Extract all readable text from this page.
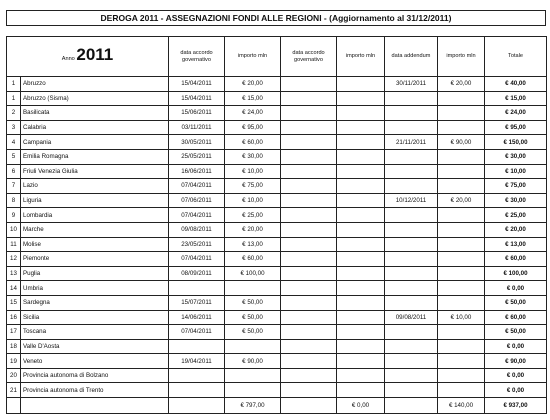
DEROGA 2011 - ASSEGNAZIONI FONDI ALLE REGIONI - (Aggiornamento al 31/12/2011)
Anno 2011		data accordo governativo	importo mln	data accordo governativo	importo mln	data addendum	importo mln	Totale
1	Abruzzo	15/04/2011	€ 20,00			30/11/2011	€ 20,00	€ 40,00
1	Abruzzo (Sisma)	15/04/2011	€ 15,00					€ 15,00
2	Basilicata	15/06/2011	€ 24,00					€ 24,00
3	Calabria	03/11/2011	€ 95,00					€ 95,00
4	Campania	30/05/2011	€ 60,00			21/11/2011	€ 90,00	€ 150,00
5	Emilia Romagna	25/05/2011	€ 30,00					€ 30,00
6	Friuli Venezia Giulia	16/06/2011	€ 10,00					€ 10,00
7	Lazio	07/04/2011	€ 75,00					€ 75,00
8	Liguria	07/06/2011	€ 10,00			10/12/2011	€ 20,00	€ 30,00
9	Lombardia	07/04/2011	€ 25,00					€ 25,00
10	Marche	09/08/2011	€ 20,00					€ 20,00
11	Molise	23/05/2011	€ 13,00					€ 13,00
12	Piemonte	07/04/2011	€ 60,00					€ 60,00
13	Puglia	08/09/2011	€ 100,00					€ 100,00
14	Umbria							€ 0,00
15	Sardegna	15/07/2011	€ 50,00					€ 50,00
16	Sicilia	14/06/2011	€ 50,00			09/08/2011	€ 10,00	€ 60,00
17	Toscana	07/04/2011	€ 50,00					€ 50,00
18	Valle D'Aosta							€ 0,00
19	Veneto	19/04/2011	€ 90,00					€ 90,00
20	Provincia autonoma di Bolzano							€ 0,00
21	Provincia autonoma di Trento							€ 0,00
			€ 797,00		€ 0,00		€ 140,00	€ 937,00
